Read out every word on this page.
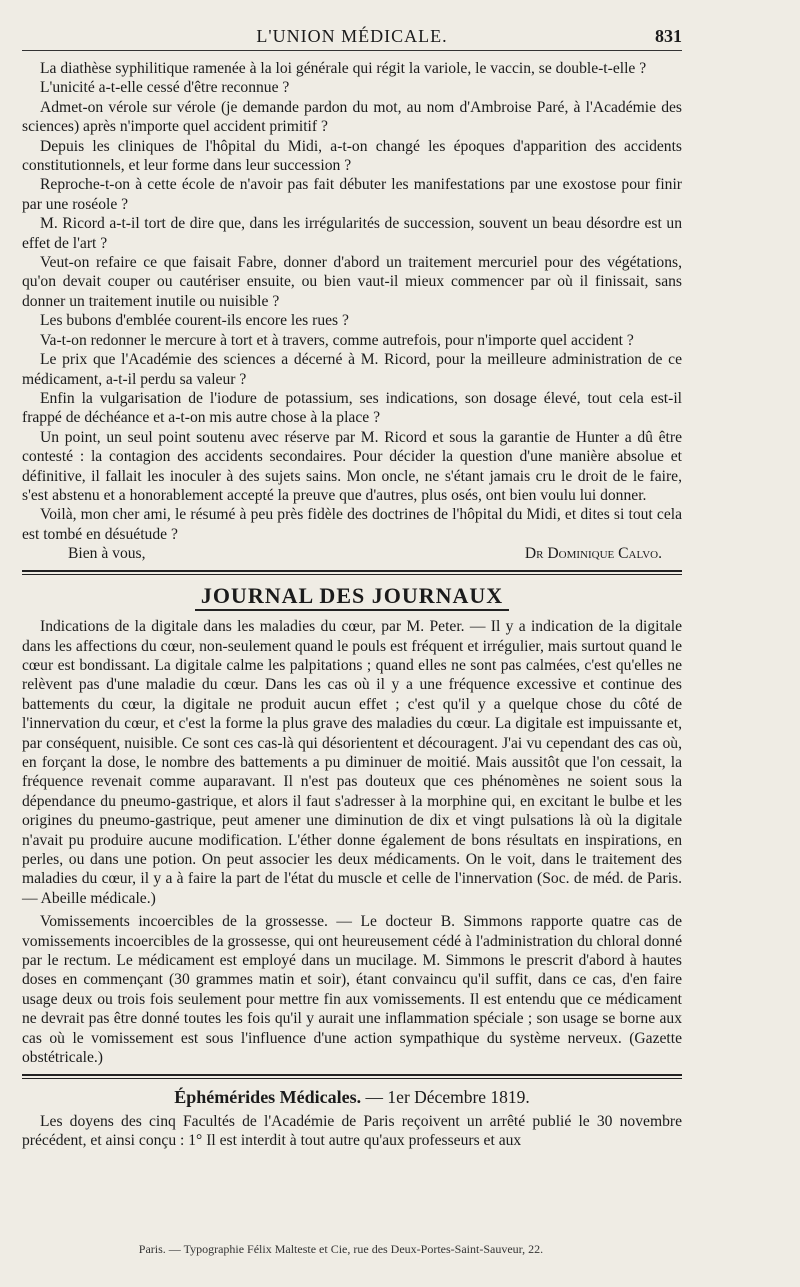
L'UNION MÉDICALE.	831

La diathèse syphilitique ramenée à la loi générale qui régit la variole, le vaccin, se double-t-elle ?

L'unicité a-t-elle cessé d'être reconnue ?

Admet-on vérole sur vérole (je demande pardon du mot, au nom d'Ambroise Paré, à l'Académie des sciences) après n'importe quel accident primitif ?

Depuis les cliniques de l'hôpital du Midi, a-t-on changé les époques d'apparition des accidents constitutionnels, et leur forme dans leur succession ?

Reproche-t-on à cette école de n'avoir pas fait débuter les manifestations par une exostose pour finir par une roséole ?

M. Ricord a-t-il tort de dire que, dans les irrégularités de succession, souvent un beau désordre est un effet de l'art ?

Veut-on refaire ce que faisait Fabre, donner d'abord un traitement mercuriel pour des végétations, qu'on devait couper ou cautériser ensuite, ou bien vaut-il mieux commencer par où il finissait, sans donner un traitement inutile ou nuisible ?

Les bubons d'emblée courent-ils encore les rues ?

Va-t-on redonner le mercure à tort et à travers, comme autrefois, pour n'importe quel accident ?

Le prix que l'Académie des sciences a décerné à M. Ricord, pour la meilleure administration de ce médicament, a-t-il perdu sa valeur ?

Enfin la vulgarisation de l'iodure de potassium, ses indications, son dosage élevé, tout cela est-il frappé de déchéance et a-t-on mis autre chose à la place ?

Un point, un seul point soutenu avec réserve par M. Ricord et sous la garantie de Hunter a dû être contesté : la contagion des accidents secondaires. Pour décider la question d'une manière absolue et définitive, il fallait les inoculer à des sujets sains. Mon oncle, ne s'étant jamais cru le droit de le faire, s'est abstenu et a honorablement accepté la preuve que d'autres, plus osés, ont bien voulu lui donner.

Voilà, mon cher ami, le résumé à peu près fidèle des doctrines de l'hôpital du Midi, et dites si tout cela est tombé en désuétude ?

Bien à vous,	Dr Dominique Calvo.
JOURNAL DES JOURNAUX

Indications de la digitale dans les maladies du cœur, par M. Peter. — Il y a indication de la digitale dans les affections du cœur, non-seulement quand le pouls est fréquent et irrégulier, mais surtout quand le cœur est bondissant. La digitale calme les palpitations ; quand elles ne sont pas calmées, c'est qu'elles ne relèvent pas d'une maladie du cœur. Dans les cas où il y a une fréquence excessive et continue des battements du cœur, la digitale ne produit aucun effet ; c'est qu'il y a quelque chose du côté de l'innervation du cœur, et c'est la forme la plus grave des maladies du cœur. La digitale est impuissante et, par conséquent, nuisible. Ce sont ces cas-là qui désorientent et découragent. J'ai vu cependant des cas où, en forçant la dose, le nombre des battements a pu diminuer de moitié. Mais aussitôt que l'on cessait, la fréquence revenait comme auparavant. Il n'est pas douteux que ces phénomènes ne soient sous la dépendance du pneumo-gastrique, et alors il faut s'adresser à la morphine qui, en excitant le bulbe et les origines du pneumo-gastrique, peut amener une diminution de dix et vingt pulsations là où la digitale n'avait pu produire aucune modification. L'éther donne également de bons résultats en inspirations, en perles, ou dans une potion. On peut associer les deux médicaments. On le voit, dans le traitement des maladies du cœur, il y a à faire la part de l'état du muscle et celle de l'innervation (Soc. de méd. de Paris. — Abeille médicale.)

Vomissements incoercibles de la grossesse. — Le docteur B. Simmons rapporte quatre cas de vomissements incoercibles de la grossesse, qui ont heureusement cédé à l'administration du chloral donné par le rectum. Le médicament est employé dans un mucilage. M. Simmons le prescrit d'abord à hautes doses en commençant (30 grammes matin et soir), étant convaincu qu'il suffit, dans ce cas, d'en faire usage deux ou trois fois seulement pour mettre fin aux vomissements. Il est entendu que ce médicament ne devrait pas être donné toutes les fois qu'il y aurait une inflammation spéciale ; son usage se borne aux cas où le vomissement est sous l'influence d'une action sympathique du système nerveux. (Gazette obstétricale.)

Éphémérides Médicales. — 1er Décembre 1819.

Les doyens des cinq Facultés de l'Académie de Paris reçoivent un arrêté publié le 30 novembre précédent, et ainsi conçu : 1° Il est interdit à tout autre qu'aux professeurs et aux

Paris. — Typographie Félix Malteste et Cie, rue des Deux-Portes-Saint-Sauveur, 22.
